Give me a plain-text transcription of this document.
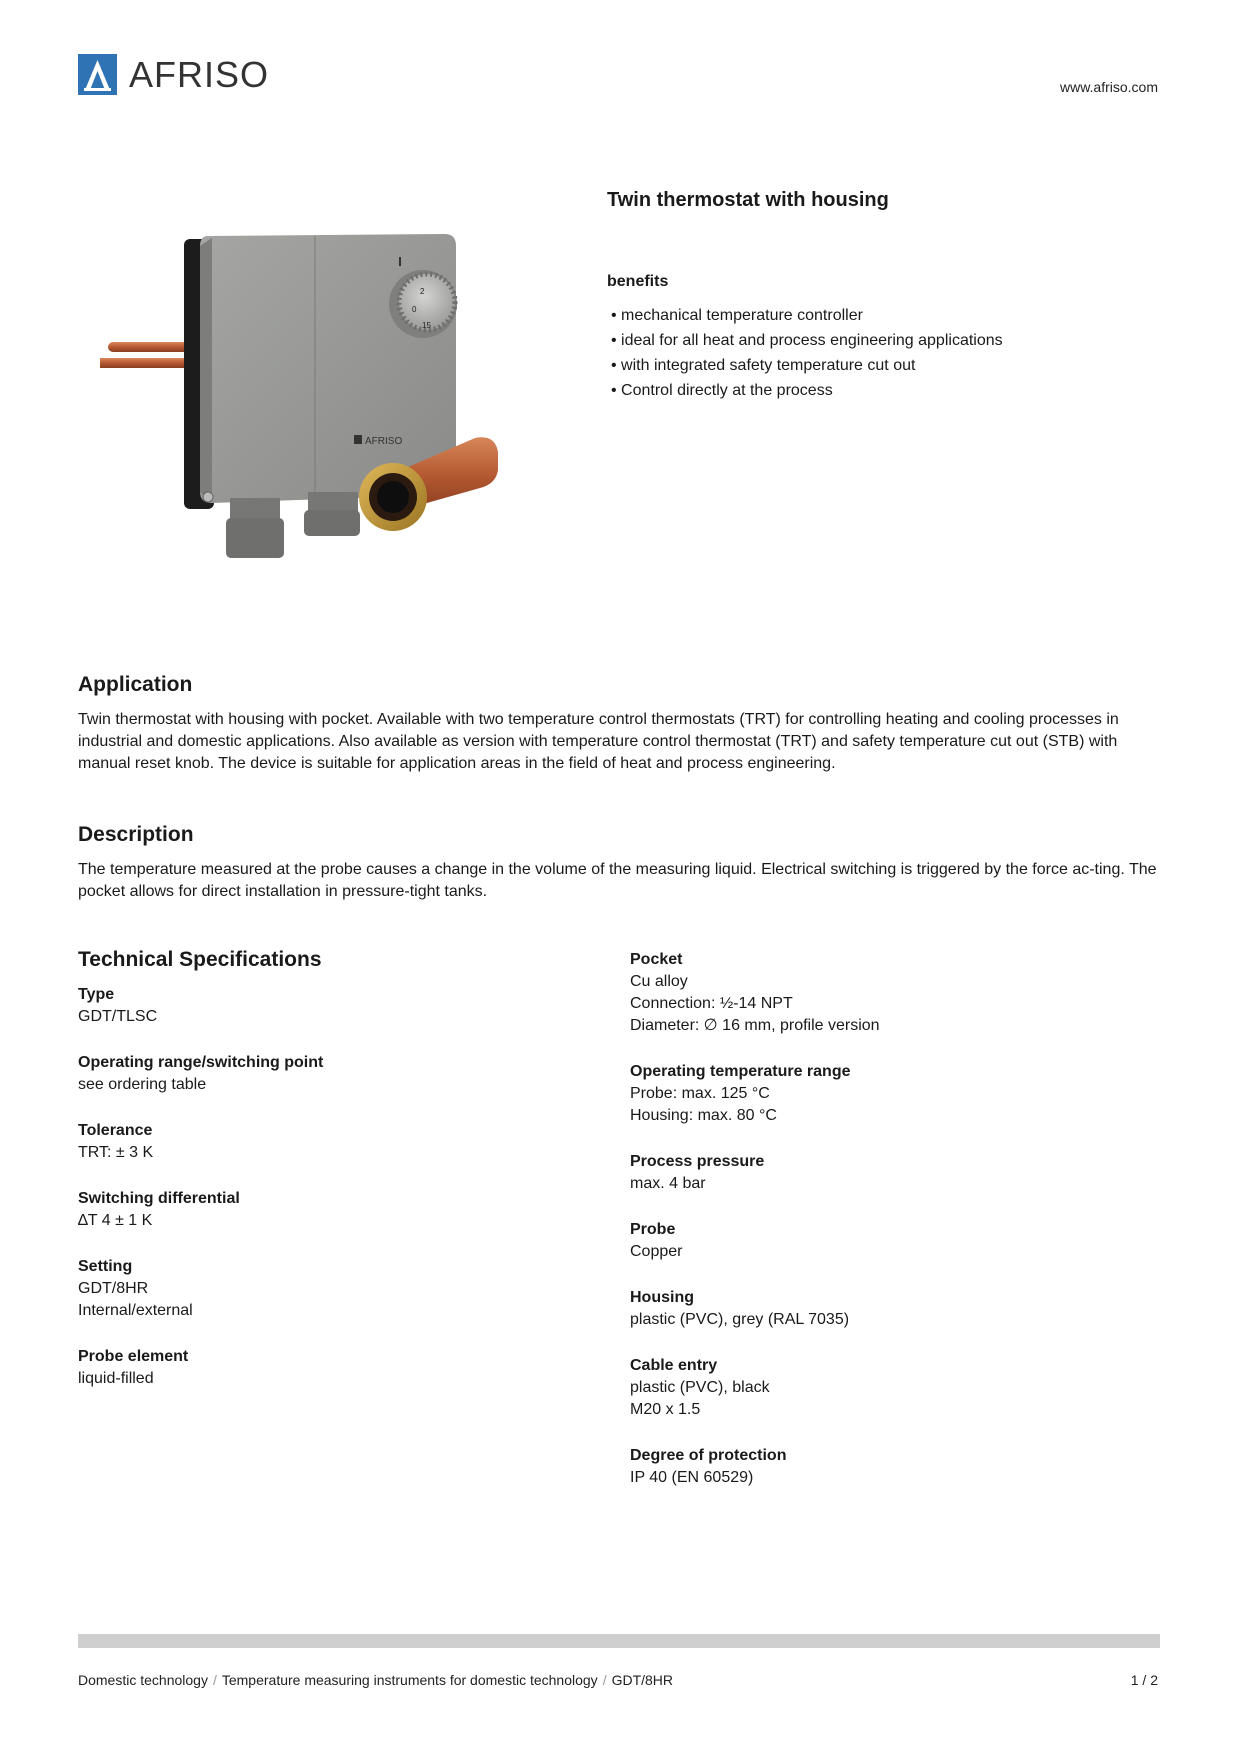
AFRISO	www.afriso.com
2
0
15
AFRISO
Twin thermostat with housing
benefits
• mechanical temperature controller
• ideal for all heat and process engineering applications
• with integrated safety temperature cut out
• Control directly at the process
Application
Twin thermostat with housing with pocket. Available with two temperature control thermostats (TRT) for controlling heating and cooling processes in industrial and domestic applications. Also available as version with temperature control thermostat (TRT) and safety temperature cut out (STB) with manual reset knob. The device is suitable for application areas in the field of heat and process engineering.
Description
The temperature measured at the probe causes a change in the volume of the measuring liquid. Electrical switching is triggered by the force ac-ting. The pocket allows for direct installation in pressure-tight tanks.
Technical Specifications
Type
GDT/TLSC
Operating range/switching point
see ordering table
Tolerance
TRT: ± 3 K
Switching differential
∆T 4 ± 1 K
Setting
GDT/8HR
Internal/external
Probe element
liquid-filled
Pocket
Cu alloy
Connection: ½-14 NPT
Diameter: ∅ 16 mm, profile version
Operating temperature range
Probe: max. 125 °C
Housing: max. 80 °C
Process pressure
max. 4 bar
Probe
Copper
Housing
plastic (PVC), grey (RAL 7035)
Cable entry
plastic (PVC), black
M20 x 1.5
Degree of protection
IP 40 (EN 60529)
Domestic technology / Temperature measuring instruments for domestic technology / GDT/8HR	1 / 2
